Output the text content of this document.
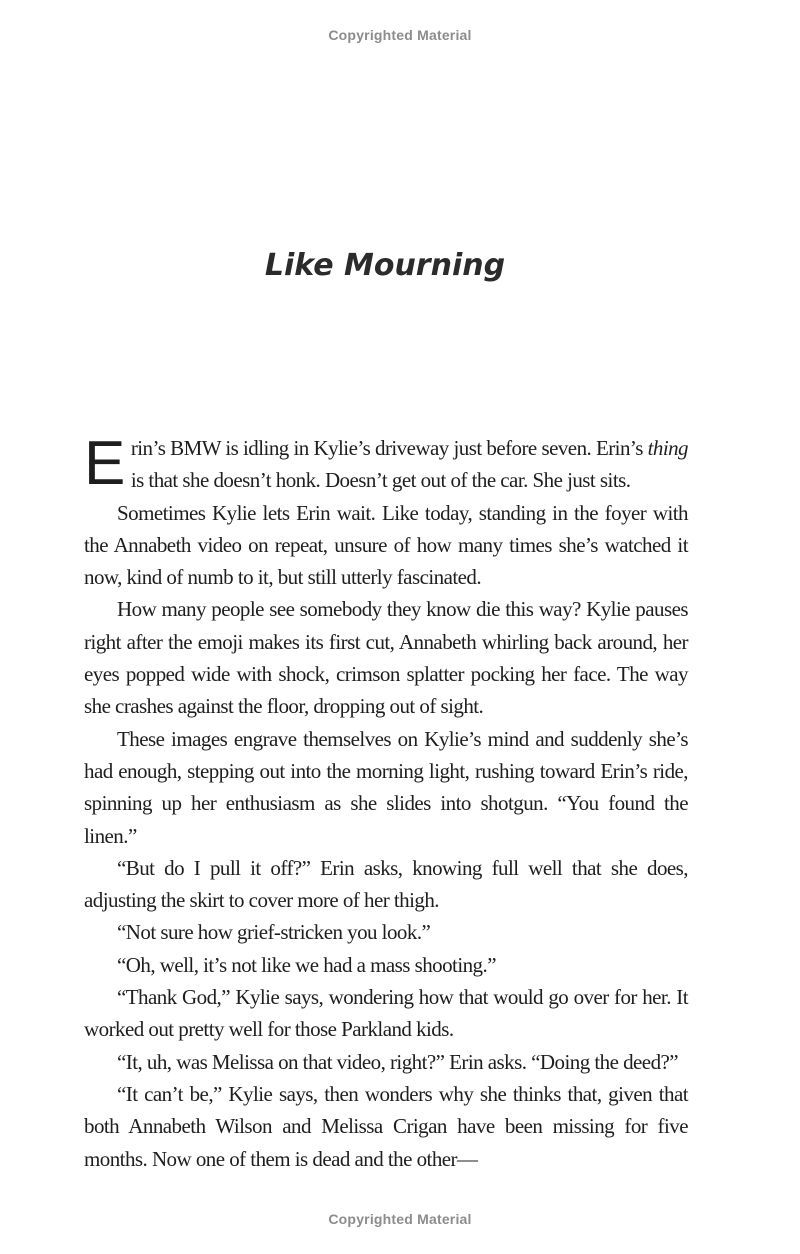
Copyrighted Material
Like Mourning

Erin’s BMW is idling in Kylie’s driveway just before seven. Erin’s thing is that she doesn’t honk. Doesn’t get out of the car. She just sits.

Sometimes Kylie lets Erin wait. Like today, standing in the foyer with the Annabeth video on repeat, unsure of how many times she’s watched it now, kind of numb to it, but still utterly fascinated.

How many people see somebody they know die this way? Kylie pauses right after the emoji makes its first cut, Annabeth whirling back around, her eyes popped wide with shock, crimson splatter pocking her face. The way she crashes against the floor, dropping out of sight.

These images engrave themselves on Kylie’s mind and suddenly she’s had enough, stepping out into the morning light, rushing toward Erin’s ride, spinning up her enthusiasm as she slides into shotgun. “You found the linen.”

“But do I pull it off?” Erin asks, knowing full well that she does, adjusting the skirt to cover more of her thigh.

“Not sure how grief-stricken you look.”

“Oh, well, it’s not like we had a mass shooting.”

“Thank God,” Kylie says, wondering how that would go over for her. It worked out pretty well for those Parkland kids.

“It, uh, was Melissa on that video, right?” Erin asks. “Doing the deed?”

“It can’t be,” Kylie says, then wonders why she thinks that, given that both Annabeth Wilson and Melissa Crigan have been missing for five months. Now one of them is dead and the other—

Copyrighted Material
